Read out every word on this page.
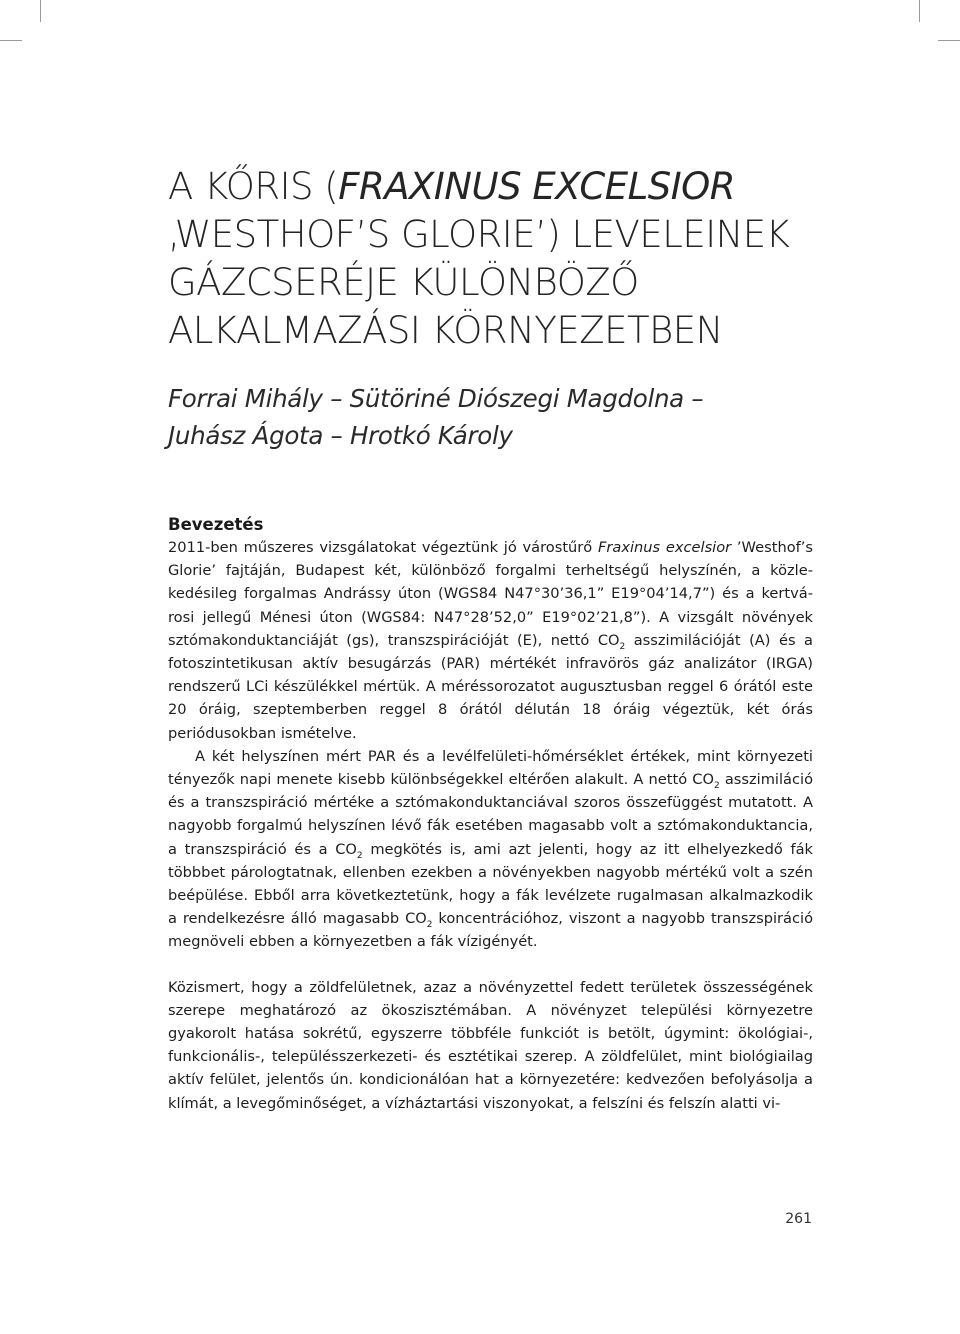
A KŐRIS (FRAXINUS EXCELSIOR
‚WESTHOF’S GLORIE’) LEVELEINEK
GÁZCSERÉJE KÜLÖNBÖZŐ
ALKALMAZÁSI KÖRNYEZETBEN
Forrai Mihály – Sütöriné Diószegi Magdolna –
Juhász Ágota – Hrotkó Károly
Bevezetés

2011-ben műszeres vizsgálatokat végeztünk jó várostűrő Fraxinus excelsior ’Westhof’s Glorie’ fajtáján, Budapest két, különböző forgalmi terheltségű helyszínén, a közlekedésileg forgalmas Andrássy úton (WGS84 N47°30’36,1” E19°04’14,7”) és a kertvárosi jellegű Ménesi úton (WGS84: N47°28’52,0” E19°02’21,8”). A vizsgált növények sztómakonduktanciáját (gs), transzspirációját (E), nettó $CO_2$ asszimilációját (A) és a fotoszintetikusan aktív besugárzás (PAR) mértékét infravörös gáz analizátor (IRGA) rendszerű LCi készülékkel mértük. A méréssorozatot augusztusban reggel 6 órától este 20 óráig, szeptemberben reggel 8 órától délután 18 óráig végeztük, két órás periódusokban ismételve.

A két helyszínen mért PAR és a levélfelületi-hőmérséklet értékek, mint környezeti tényezők napi menete kisebb különbségekkel eltérően alakult. A nettó $CO_2$ asszimiláció és a transzspiráció mértéke a sztómakonduktanciával szoros összefüggést mutatott. A nagyobb forgalmú helyszínen lévő fák esetében magasabb volt a sztómakonduktancia, a transzspiráció és a $CO_2$ megkötés is, ami azt jelenti, hogy az itt elhelyezkedő fák többbet párologtatnak, ellenben ezekben a növényekben nagyobb mértékű volt a szén beépülése. Ebből arra következtetünk, hogy a fák levélzete rugalmasan alkalmazkodik a rendelkezésre álló magasabb $CO_2$ koncentrációhoz, viszont a nagyobb transzspiráció megnöveli ebben a környezetben a fák vízigényét.

Közismert, hogy a zöldfelületnek, azaz a növényzettel fedett területek összességének szerepe meghatározó az ökoszisztémában. A növényzet települési környezetre gyakorolt hatása sokrétű, egyszerre többféle funkciót is betölt, úgymint: ökológiai-, funkcionális-, településszerkezeti- és esztétikai szerep. A zöldfelület, mint biológiailag aktív felület, jelentős ún. kondicionálóan hat a környezetére: kedvezően befolyásolja a klímát, a levegőminőséget, a vízháztartási viszonyokat, a felszíni és felszín alatti vi-

261
